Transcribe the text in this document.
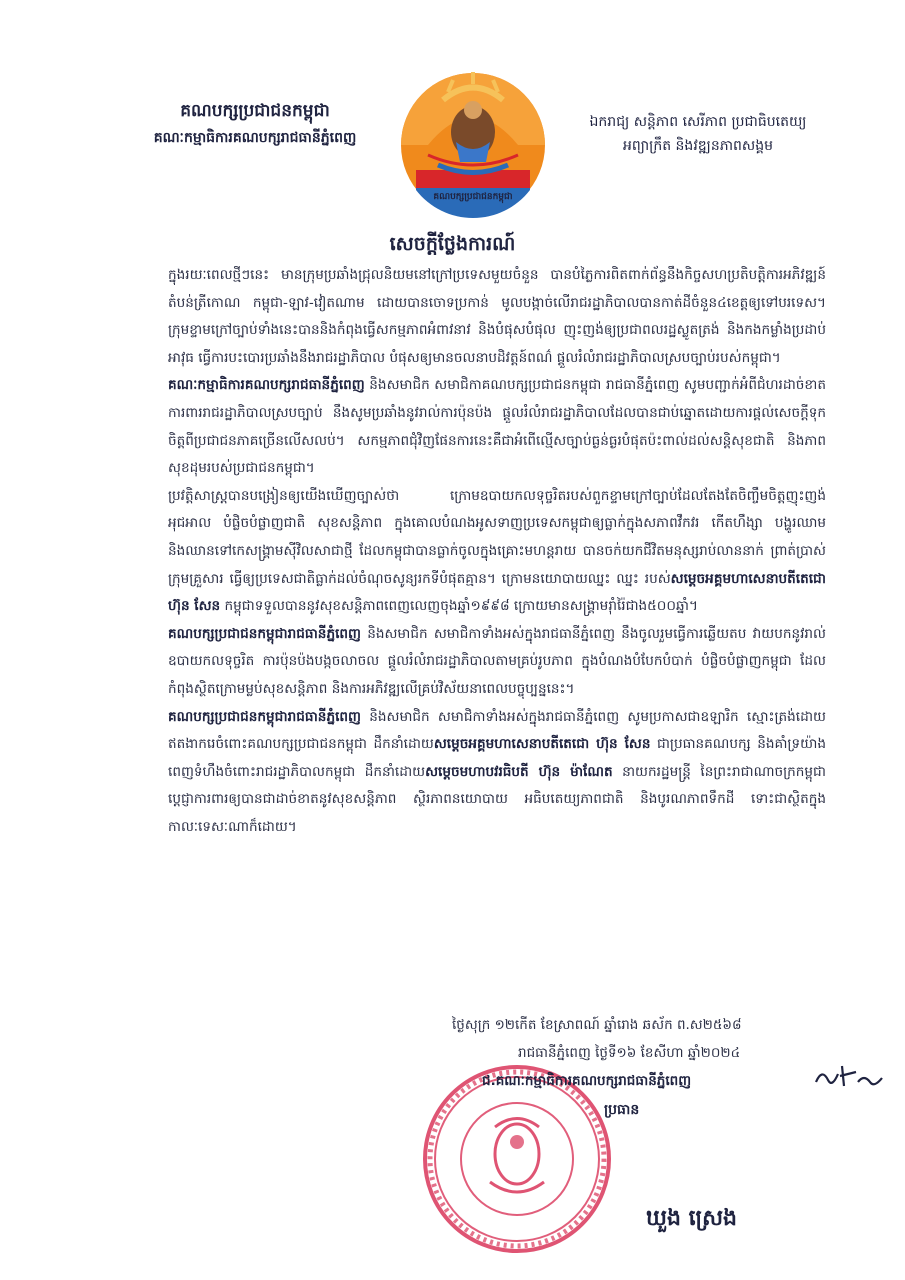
គណបក្សប្រជាជនកម្ពុជា
គណៈកម្មាធិការគណបក្សរាជធានីភ្នំពេញ
គណបក្សប្រជាជនកម្ពុជា
ឯករាជ្យ សន្តិភាព សេរីភាព ប្រជាធិបតេយ្យ
អព្យាក្រឹត និងវឌ្ឍនភាពសង្គម
សេចក្តីថ្លែងការណ៍

ក្នុងរយៈពេលថ្មីៗនេះ មានក្រុមប្រឆាំងជ្រុលនិយមនៅក្រៅប្រទេសមួយចំនួន បានបំភ្លៃការពិតពាក់ព័ន្ធនឹងកិច្ចសហប្រតិបត្តិការអភិវឌ្ឍន៍តំបន់ត្រីកោណ កម្ពុជា-ឡាវ-វៀតណាម ដោយបានចោទប្រកាន់ មូលបង្កាច់លើរាជរដ្ឋាភិបាលបានកាត់ដីចំនួន៤ខេត្តឲ្យទៅបរទេស។ ក្រុមខ្ទាមក្រៅច្បាប់ទាំងនេះបាននិងកំពុងធ្វើសកម្មភាពអំពាវនាវ និងបំផុសបំផុល ញុះញង់ឲ្យប្រជាពលរដ្ឋស្លូតត្រង់ និងកងកម្លាំងប្រដាប់អាវុធ ធ្វើការបះបោរប្រឆាំងនឹងរាជរដ្ឋាភិបាល បំផុសឲ្យមានចលនាបដិវត្តន៍ពណ៌ ផ្តួលរំលំរាជរដ្ឋាភិបាលស្របច្បាប់របស់កម្ពុជា។

គណៈកម្មាធិការគណបក្សរាជធានីភ្នំពេញ និងសមាជិក សមាជិកាគណបក្សប្រជាជនកម្ពុជា រាជធានីភ្នំពេញ សូមបញ្ជាក់អំពីជំហរដាច់ខាត ការពាររាជរដ្ឋាភិបាលស្របច្បាប់ នឹងសូមប្រឆាំងនូវរាល់ការប៉ុនប៉ង ផ្តួលរំលំរាជរដ្ឋាភិបាលដែលបានជាប់ឆ្នោតដោយការផ្តល់សេចក្តីទុកចិត្តពីប្រជាជនភាគច្រើនលើសលប់។ សកម្មភាពជុំវិញផែនការនេះគឺជាអំពើល្មើសច្បាប់ធ្ងន់ធ្ងរបំផុតប៉ះពាល់ដល់សន្តិសុខជាតិ និងភាពសុខដុមរបស់ប្រជាជនកម្ពុជា។

ប្រវត្តិសាស្ត្របានបង្រៀនឲ្យយើងឃើញច្បាស់ថា ក្រោមឧបាយកលទុច្ចរិតរបស់ពួកខ្ទាមក្រៅច្បាប់ដែលតែងតែចិញ្ចឹមចិត្តញុះញង់ អុជអាល បំផ្លិចបំផ្លាញជាតិ សុខសន្តិភាព ក្នុងគោលបំណងអូសទាញប្រទេសកម្ពុជាឲ្យធ្លាក់ក្នុងសភាពវឹកវរ កើតហឹង្សា បង្ហូរឈាម និងឈានទៅកេសង្គ្រាមស៊ីវិលសាជាថ្មី ដែលកម្ពុជាបានធ្លាក់ចូលក្នុងគ្រោះមហន្តរាយ បានចក់យកជីវិតមនុស្សរាប់លាននាក់ ព្រាត់ប្រាស់ក្រុមគ្រួសារ ធ្វើឲ្យប្រទេសជាតិធ្លាក់ដល់ចំណុចសូន្យរកទីបំផុតគ្មាន។ ក្រោមនយោបាយឈ្នះ ឈ្នះ របស់សម្តេចអគ្គមហាសេនាបតីតេជោ ហ៊ុន សែន កម្ពុជាទទួលបាននូវសុខសន្តិភាពពេញលេញចុងឆ្នាំ១៩៩៨ ក្រោយមានសង្គ្រាមរ៉ាំរ៉ៃជាង៥០០ឆ្នាំ។

គណបក្សប្រជាជនកម្ពុជារាជធានីភ្នំពេញ និងសមាជិក សមាជិកាទាំងអស់ក្នុងរាជធានីភ្នំពេញ នឹងចូលរួមធ្វើការឆ្លើយតប វាយបកនូវរាល់ឧបាយកលទុច្ចរិត ការប៉ុនប៉ងបង្កចលាចល ផ្តួលរំលំរាជរដ្ឋាភិបាលតាមគ្រប់រូបភាព ក្នុងបំណងបំបែកបំបាក់ បំផ្លិចបំផ្លាញកម្ពុជា ដែលកំពុងស្ថិតក្រោមម្លប់សុខសន្តិភាព និងការអភិវឌ្ឍលើគ្រប់វិស័យនាពេលបច្ចុប្បន្ននេះ។

គណបក្សប្រជាជនកម្ពុជារាជធានីភ្នំពេញ និងសមាជិក សមាជិកាទាំងអស់ក្នុងរាជធានីភ្នំពេញ សូមប្រកាសជាឧឡារិក ស្មោះត្រង់ដោយឥតងាករេចំពោះគណបក្សប្រជាជនកម្ពុជា ដឹកនាំដោយសម្តេចអគ្គមហាសេនាបតីតេជោ ហ៊ុន សែន ជាប្រធានគណបក្ស និងគាំទ្រយ៉ាងពេញទំហឹងចំពោះរាជរដ្ឋាភិបាលកម្ពុជា ដឹកនាំដោយសម្តេចមហាបវរធិបតី ហ៊ុន ម៉ាណែត នាយករដ្ឋមន្ត្រី នៃព្រះរាជាណាចក្រកម្ពុជា ប្តេជ្ញាការពារឲ្យបានជាដាច់ខាតនូវសុខសន្តិភាព ស្ថិរភាពនយោបាយ អធិបតេយ្យភាពជាតិ និងបូរណភាពទឹកដី ទោះជាស្ថិតក្នុងកាលៈទេសៈណាក៏ដោយ។

ថ្ងៃសុក្រ ១២កើត ខែស្រាពណ៍ ឆ្នាំរោង ឆស័ក ព.ស២៥៦៨
រាជធានីភ្នំពេញ ថ្ងៃទី១៦ ខែសីហា ឆ្នាំ២០២៤
ជ.គណៈកម្មាធិការគណបក្សរាជធានីភ្នំពេញ
ប្រធាន
ឃួង ស្រេង
